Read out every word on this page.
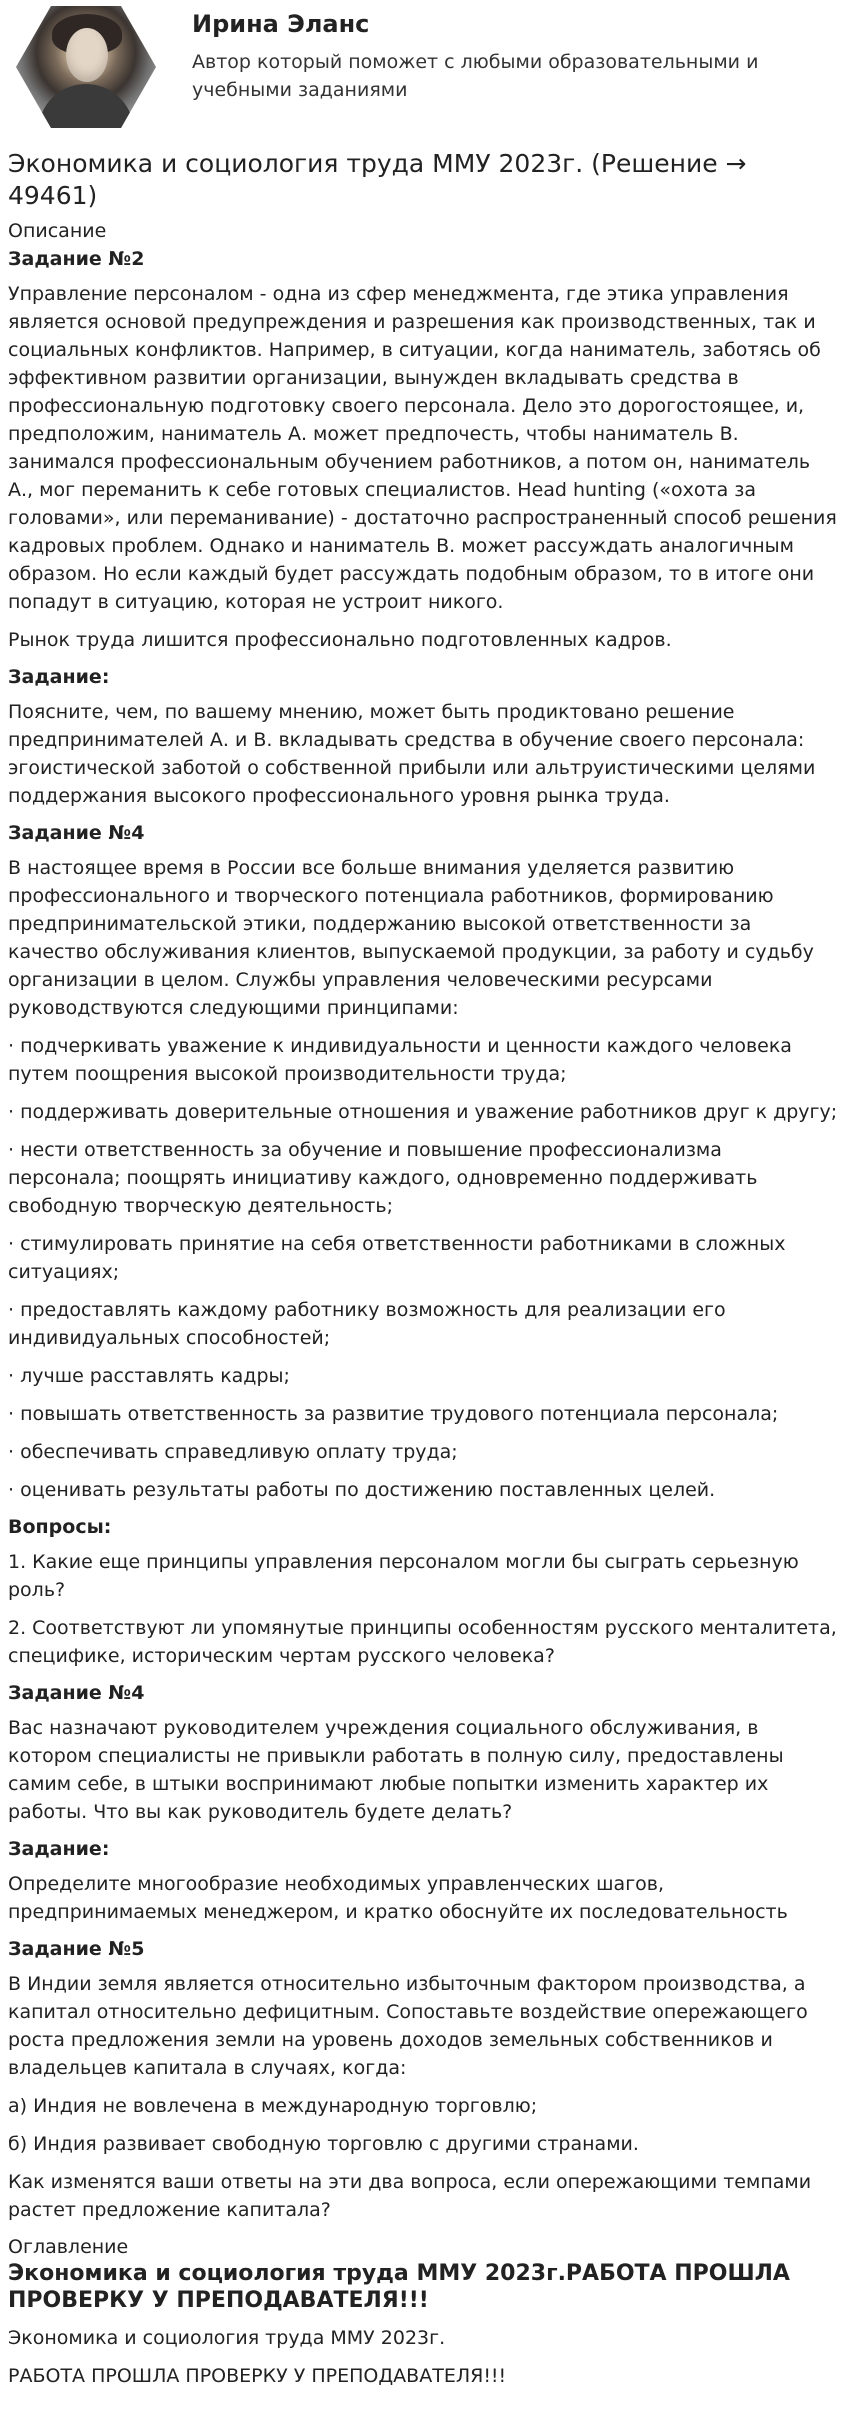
Ирина Эланс

Автор который поможет с любыми образовательными и учебными заданиями

Экономика и социология труда ММУ 2023г. (Решение → 49461)
Описание
Задание №2

Управление персоналом - одна из сфер менеджмента, где этика управления является основой предупреждения и разрешения как производственных, так и социальных конфликтов. Например, в ситуации, когда наниматель, заботясь об эффективном развитии организации, вынужден вкладывать средства в профессиональную подготовку своего персонала. Дело это дорогостоящее, и, предположим, наниматель А. может предпочесть, чтобы наниматель В. занимался профессиональным обучением работников, а потом он, наниматель А., мог переманить к себе готовых специалистов. Head hunting («охота за головами», или переманивание) - достаточно распространенный способ решения кадровых проблем. Однако и наниматель В. может рассуждать аналогичным образом. Но если каждый будет рассуждать подобным образом, то в итоге они попадут в ситуацию, которая не устроит никого.

Рынок труда лишится профессионально подготовленных кадров.

Задание:

Поясните, чем, по вашему мнению, может быть продиктовано решение предпринимателей А. и В. вкладывать средства в обучение своего персонала: эгоистической заботой о собственной прибыли или альтруистическими целями поддержания высокого профессионального уровня рынка труда.

Задание №4

В настоящее время в России все больше внимания уделяется развитию профессионального и творческого потенциала работников, формированию предпринимательской этики, поддержанию высокой ответственности за качество обслуживания клиентов, выпускаемой продукции, за работу и судьбу организации в целом. Службы управления человеческими ресурсами руководствуются следующими принципами:

· подчеркивать уважение к индивидуальности и ценности каждого человека путем поощрения высокой производительности труда;

· поддерживать доверительные отношения и уважение работников друг к другу;

· нести ответственность за обучение и повышение профессионализма персонала; поощрять инициативу каждого, одновременно поддерживать свободную творческую деятельность;

· стимулировать принятие на себя ответственности работниками в сложных ситуациях;

· предоставлять каждому работнику возможность для реализации его индивидуальных способностей;

· лучше расставлять кадры;

· повышать ответственность за развитие трудового потенциала персонала;

· обеспечивать справедливую оплату труда;

· оценивать результаты работы по достижению поставленных целей.

Вопросы:

1. Какие еще принципы управления персоналом могли бы сыграть серьезную роль?

2. Соответствуют ли упомянутые принципы особенностям русского менталитета, специфике, историческим чертам русского человека?

Задание №4

Вас назначают руководителем учреждения социального обслуживания, в котором специалисты не привыкли работать в полную силу, предоставлены самим себе, в штыки воспринимают любые попытки изменить характер их работы. Что вы как руководитель будете делать?

Задание:

Определите многообразие необходимых управленческих шагов, предпринимаемых менеджером, и кратко обоснуйте их последовательность

Задание №5

В Индии земля является относительно избыточным фактором производства, а капитал относительно дефицитным. Сопоставьте воздействие опережающего роста предложения земли на уровень доходов земельных собственников и владельцев капитала в случаях, когда:

а) Индия не вовлечена в международную торговлю;

б) Индия развивает свободную торговлю с другими странами.

Как изменятся ваши ответы на эти два вопроса, если опережающими темпами растет предложение капитала?

Оглавление
Экономика и социология труда ММУ 2023г.РАБОТА ПРОШЛА ПРОВЕРКУ У ПРЕПОДАВАТЕЛЯ!!!

Экономика и социология труда ММУ 2023г.

РАБОТА ПРОШЛА ПРОВЕРКУ У ПРЕПОДАВАТЕЛЯ!!!
